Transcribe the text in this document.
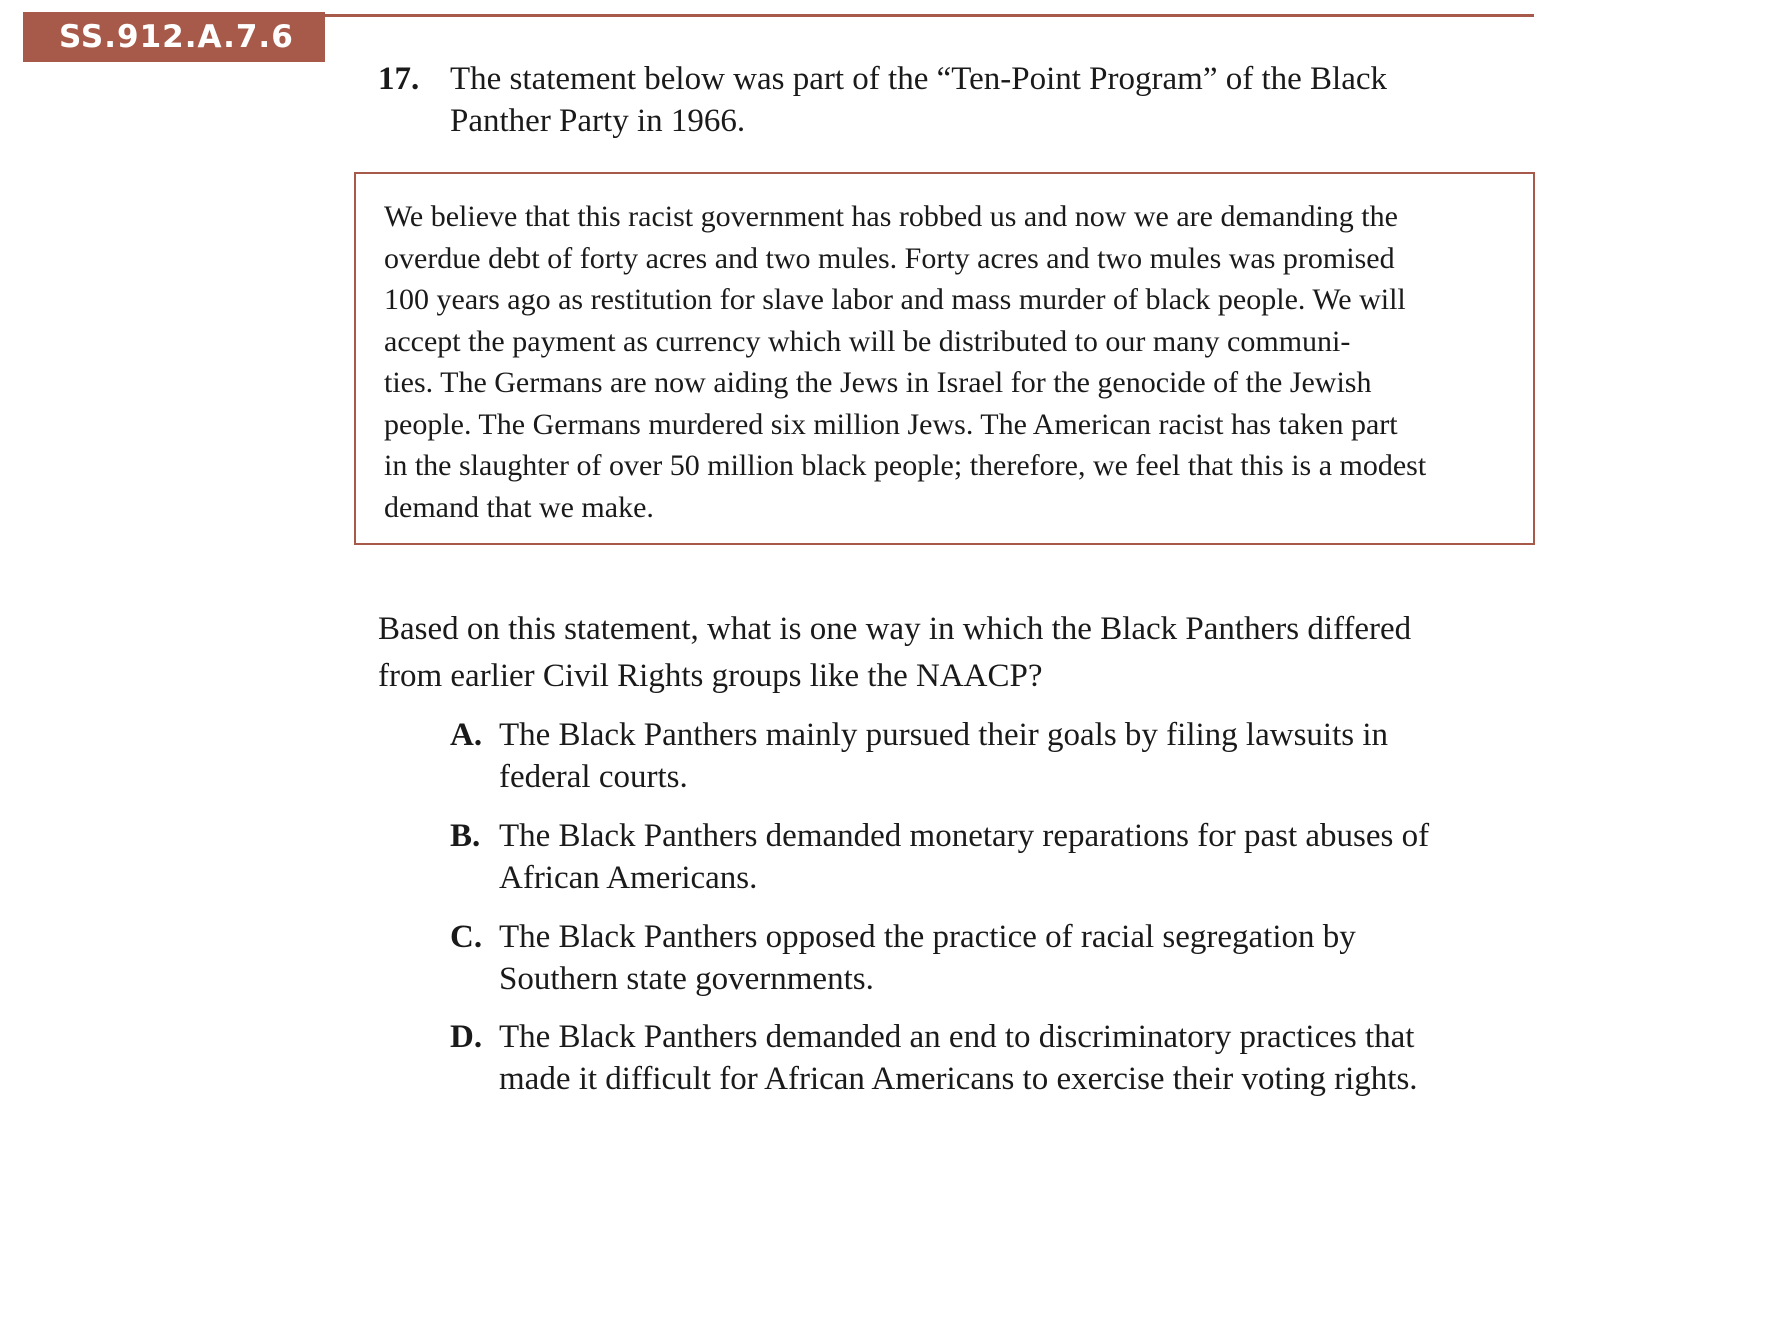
SS.912.A.7.6
17. The statement below was part of the “Ten-Point Program” of the Black
Panther Party in 1966.
We believe that this racist government has robbed us and now we are demanding the
overdue debt of forty acres and two mules. Forty acres and two mules was promised
100 years ago as restitution for slave labor and mass murder of black people. We will
accept the payment as currency which will be distributed to our many communi-
ties. The Germans are now aiding the Jews in Israel for the genocide of the Jewish
people. The Germans murdered six million Jews. The American racist has taken part
in the slaughter of over 50 million black people; therefore, we feel that this is a modest
demand that we make.
Based on this statement, what is one way in which the Black Panthers differed
from earlier Civil Rights groups like the NAACP?
A. The Black Panthers mainly pursued their goals by filing lawsuits in
federal courts.
B. The Black Panthers demanded monetary reparations for past abuses of
African Americans.
C. The Black Panthers opposed the practice of racial segregation by
Southern state governments.
D. The Black Panthers demanded an end to discriminatory practices that
made it difficult for African Americans to exercise their voting rights.
